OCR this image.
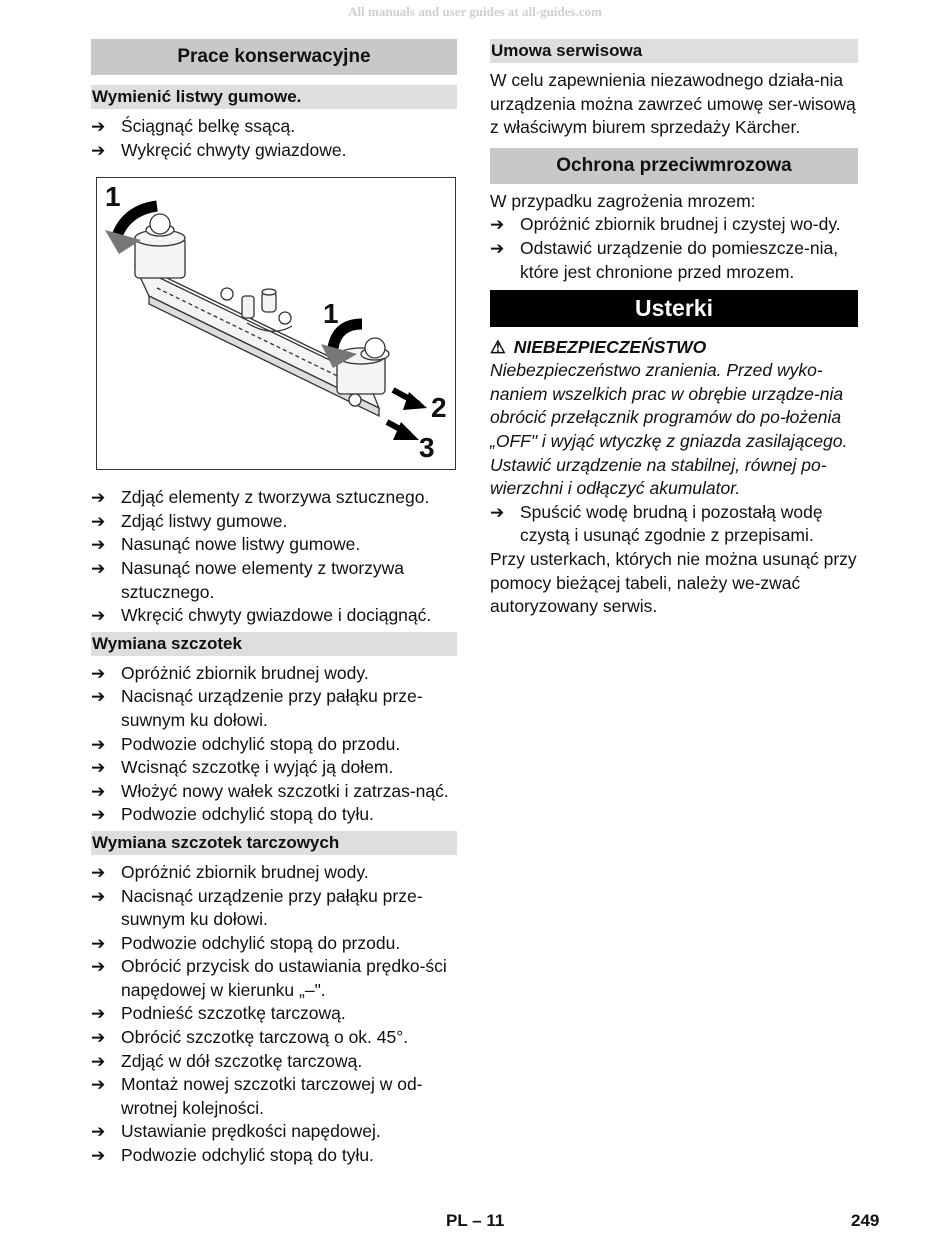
All manuals and user guides at all-guides.com
Prace konserwacyjne
Wymienić listwy gumowe.
➔ Ściągnąć belkę ssącą.
➔ Wykręcić chwyty gwiazdowe.
1
1
2
3
➔ Zdjąć elementy z tworzywa sztucznego.
➔ Zdjąć listwy gumowe.
➔ Nasunąć nowe listwy gumowe.
➔ Nasunąć nowe elementy z tworzywa sztucznego.
➔ Wkręcić chwyty gwiazdowe i dociągnąć.
Wymiana szczotek
➔ Opróżnić zbiornik brudnej wody.
➔ Nacisnąć urządzenie przy pałąku prze-suwnym ku dołowi.
➔ Podwozie odchylić stopą do przodu.
➔ Wcisnąć szczotkę i wyjąć ją dołem.
➔ Włożyć nowy wałek szczotki i zatrzas-nąć.
➔ Podwozie odchylić stopą do tyłu.
Wymiana szczotek tarczowych
➔ Opróżnić zbiornik brudnej wody.
➔ Nacisnąć urządzenie przy pałąku prze-suwnym ku dołowi.
➔ Podwozie odchylić stopą do przodu.
➔ Obrócić przycisk do ustawiania prędko-ści napędowej w kierunku „–".
➔ Podnieść szczotkę tarczową.
➔ Obrócić szczotkę tarczową o ok. 45°.
➔ Zdjąć w dół szczotkę tarczową.
➔ Montaż nowej szczotki tarczowej w od-wrotnej kolejności.
➔ Ustawianie prędkości napędowej.
➔ Podwozie odchylić stopą do tyłu.
Umowa serwisowa

W celu zapewnienia niezawodnego działa-nia urządzenia można zawrzeć umowę ser-wisową z właściwym biurem sprzedaży Kärcher.

Ochrona przeciwmrozowa

W przypadku zagrożenia mrozem:

➔ Opróżnić zbiornik brudnej i czystej wo-dy.
➔ Odstawić urządzenie do pomieszcze-nia, które jest chronione przed mrozem.
Usterki
⚠ NIEBEZPIECZEŃSTWO

Niebezpieczeństwo zranienia. Przed wyko-naniem wszelkich prac w obrębie urządze-nia obrócić przełącznik programów do po-łożenia „OFF" i wyjąć wtyczkę z gniazda zasilającego.

Ustawić urządzenie na stabilnej, równej po-wierzchni i odłączyć akumulator.

➔ Spuścić wodę brudną i pozostałą wodę czystą i usunąć zgodnie z przepisami.

Przy usterkach, których nie można usunąć przy pomocy bieżącej tabeli, należy we-zwać autoryzowany serwis.

PL – 11	249
